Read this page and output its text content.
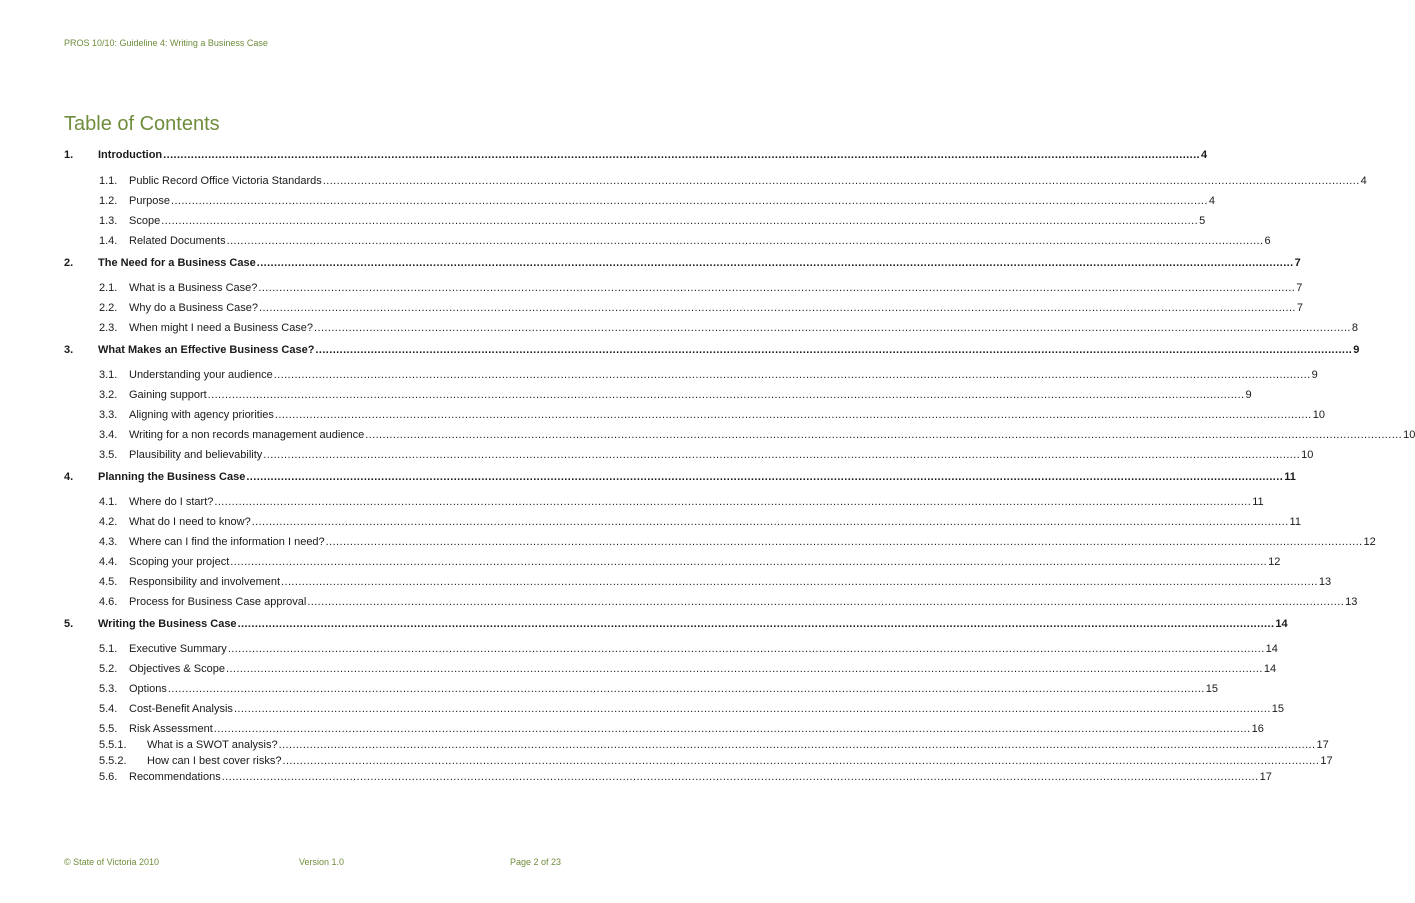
PROS 10/10: Guideline 4: Writing a Business Case
Table of Contents
1.	Introduction ............................................................................................................................................................................................................................................................................................................ 4
1.1.	Public Record Office Victoria Standards ............................................................................................................................................................................................................................................................................................................ 4
1.2.	Purpose ............................................................................................................................................................................................................................................................................................................ 4
1.3.	Scope ............................................................................................................................................................................................................................................................................................................ 5
1.4.	Related Documents ............................................................................................................................................................................................................................................................................................................ 6
2.	The Need for a Business Case ............................................................................................................................................................................................................................................................................................................ 7
2.1.	What is a Business Case? ............................................................................................................................................................................................................................................................................................................ 7
2.2.	Why do a Business Case? ............................................................................................................................................................................................................................................................................................................ 7
2.3.	When might I need a Business Case? ............................................................................................................................................................................................................................................................................................................ 8
3.	What Makes an Effective Business Case? ............................................................................................................................................................................................................................................................................................................ 9
3.1.	Understanding your audience ............................................................................................................................................................................................................................................................................................................ 9
3.2.	Gaining support ............................................................................................................................................................................................................................................................................................................ 9
3.3.	Aligning with agency priorities ............................................................................................................................................................................................................................................................................................................ 10
3.4.	Writing for a non records management audience ............................................................................................................................................................................................................................................................................................................ 10
3.5.	Plausibility and believability ............................................................................................................................................................................................................................................................................................................ 10
4.	Planning the Business Case ............................................................................................................................................................................................................................................................................................................ 11
4.1.	Where do I start? ............................................................................................................................................................................................................................................................................................................ 11
4.2.	What do I need to know? ............................................................................................................................................................................................................................................................................................................ 11
4.3.	Where can I find the information I need? ............................................................................................................................................................................................................................................................................................................ 12
4.4.	Scoping your project ............................................................................................................................................................................................................................................................................................................ 12
4.5.	Responsibility and involvement ............................................................................................................................................................................................................................................................................................................ 13
4.6.	Process for Business Case approval ............................................................................................................................................................................................................................................................................................................ 13
5.	Writing the Business Case ............................................................................................................................................................................................................................................................................................................ 14
5.1.	Executive Summary ............................................................................................................................................................................................................................................................................................................ 14
5.2.	Objectives & Scope ............................................................................................................................................................................................................................................................................................................ 14
5.3.	Options ............................................................................................................................................................................................................................................................................................................ 15
5.4.	Cost-Benefit Analysis ............................................................................................................................................................................................................................................................................................................ 15
5.5.	Risk Assessment ............................................................................................................................................................................................................................................................................................................ 16
5.5.1.	What is a SWOT analysis? ............................................................................................................................................................................................................................................................................................................ 17
5.5.2.	How can I best cover risks? ............................................................................................................................................................................................................................................................................................................ 17
5.6.	Recommendations ............................................................................................................................................................................................................................................................................................................ 17
© State of Victoria 2010	Version 1.0	Page 2 of 23
